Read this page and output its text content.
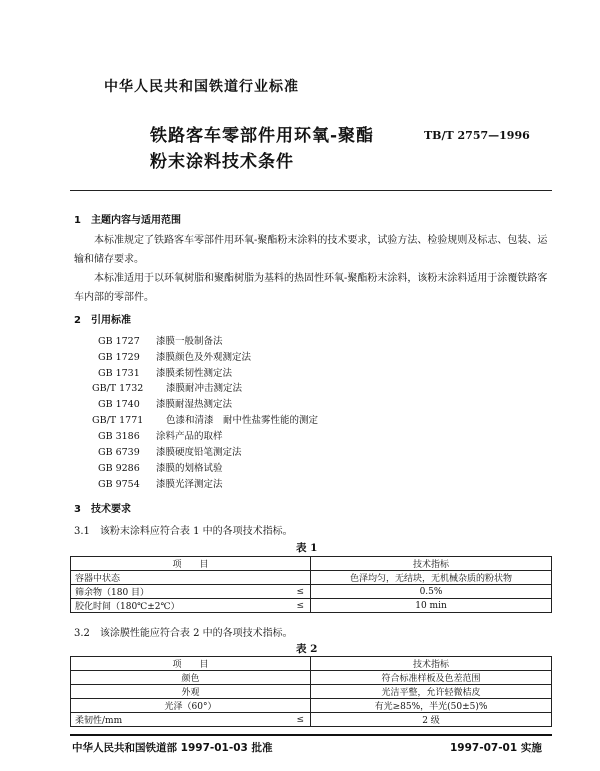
中华人民共和国铁道行业标准
铁路客车零部件用环氧-聚酯
粉末涂料技术条件
TB/T 2757—1996
1　主题内容与适用范围
本标准规定了铁路客车零部件用环氧-聚酯粉末涂料的技术要求，试验方法、检验规则及标志、包装、运输和储存要求。
本标准适用于以环氧树脂和聚酯树脂为基料的热固性环氧-聚酯粉末涂料，该粉末涂料适用于涂覆铁路客车内部的零部件。
2　引用标准
GB 1727 漆膜一般制备法
GB 1729 漆膜颜色及外观测定法
GB 1731 漆膜柔韧性测定法
GB/T 1732 漆膜耐冲击测定法
GB 1740 漆膜耐湿热测定法
GB/T 1771 色漆和清漆　耐中性盐雾性能的测定
GB 3186 涂料产品的取样
GB 6739 漆膜硬度铅笔测定法
GB 9286 漆膜的划格试验
GB 9754 漆膜光泽测定法
3　技术要求
3.1　该粉末涂料应符合表 1 中的各项技术指标。
表 1
项　　目		技术指标
容器中状态		色泽均匀，无结块，无机械杂质的粉状物
筛余物（180 目）	≤	0.5%
胶化时间（180℃±2℃）	≤	10 min
3.2　该涂膜性能应符合表 2 中的各项技术指标。
表 2
项　　目		技术指标
颜色		符合标准样板及色差范围
外观		光洁平整，允许轻微桔皮
光泽（60°）		有光≥85%，半光(50±5)%
柔韧性/mm	≤	2 级
中华人民共和国铁道部 1997-01-03 批准	1997-07-01 实施
